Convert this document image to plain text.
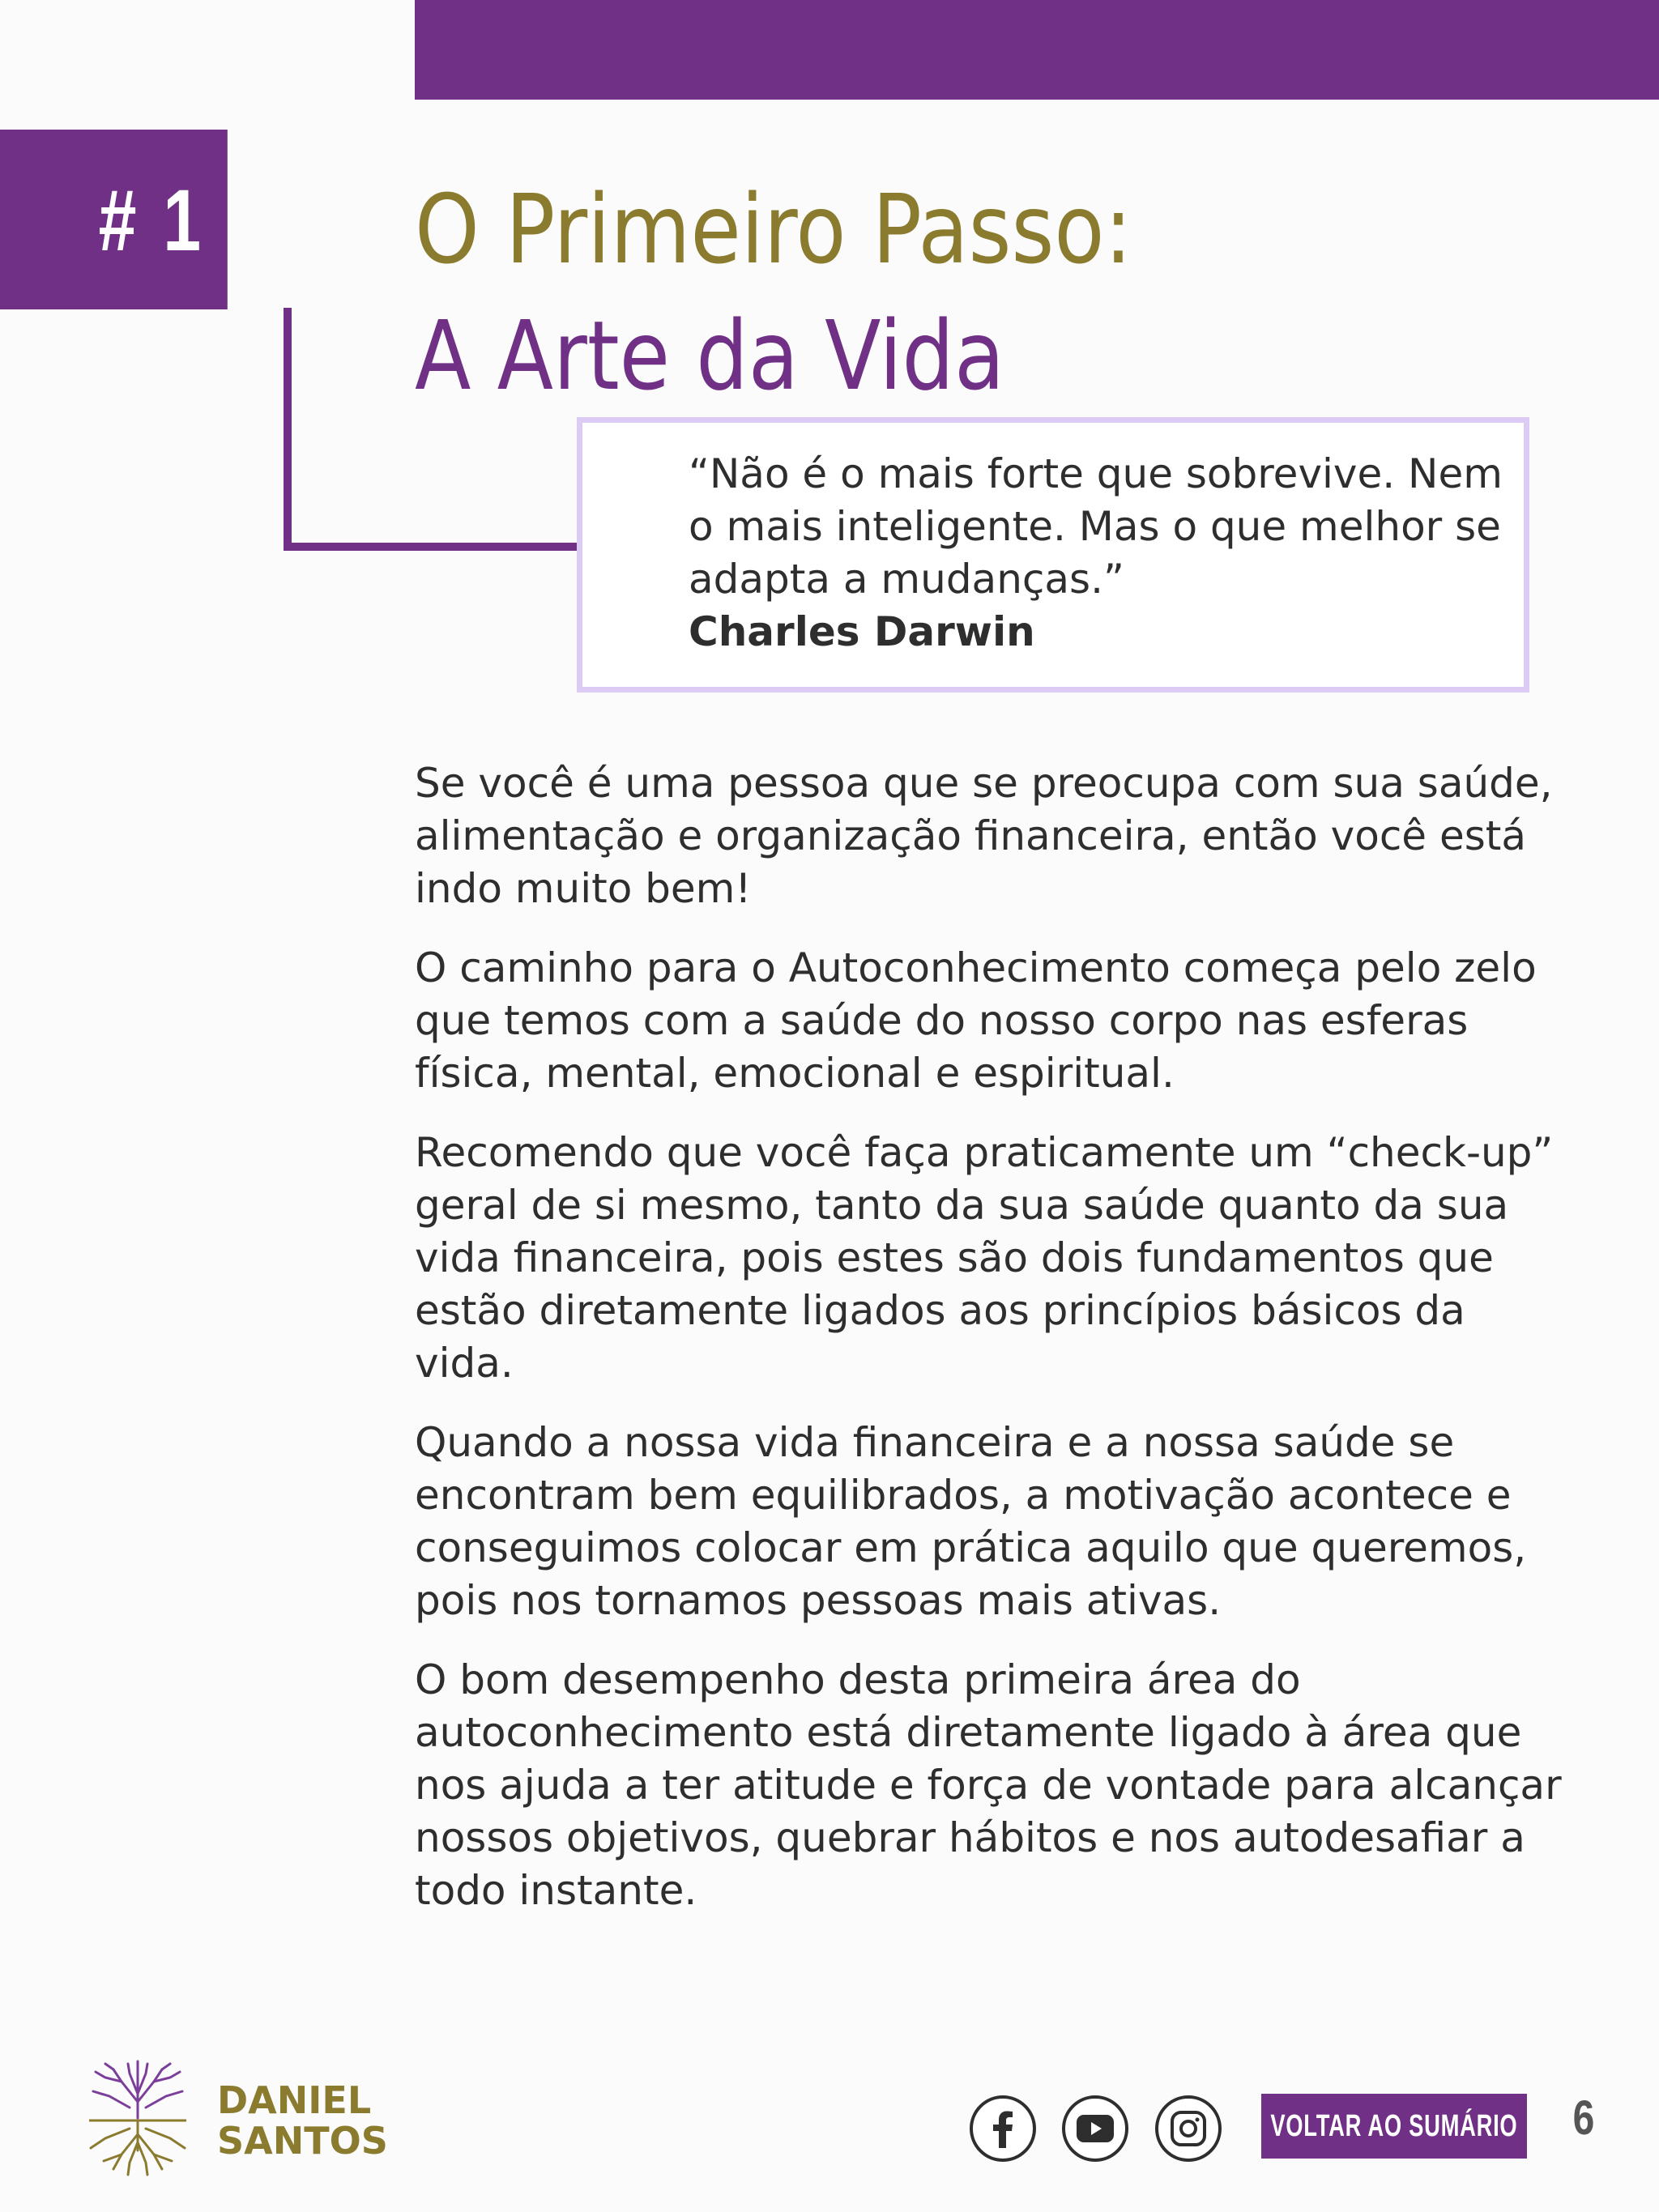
# 1 O Primeiro Passo:
A Arte da Vida
“Não é o mais forte que sobrevive. Nem o mais inteligente. Mas o que melhor se adapta a mudanças.”
Charles Darwin

Se você é uma pessoa que se preocupa com sua saúde, alimentação e organização financeira, então você está indo muito bem!

O caminho para o Autoconhecimento começa pelo zelo que temos com a saúde do nosso corpo nas esferas física, mental, emocional e espiritual.

Recomendo que você faça praticamente um “check-up” geral de si mesmo, tanto da sua saúde quanto da sua vida financeira, pois estes são dois fundamentos que estão diretamente ligados aos princípios básicos da vida.

Quando a nossa vida financeira e a nossa saúde se encontram bem equilibrados, a motivação acontece e conseguimos colocar em prática aquilo que queremos, pois nos tornamos pessoas mais ativas.

O bom desempenho desta primeira área do autoconhecimento está diretamente ligado à área que nos ajuda a ter atitude e força de vontade para alcançar nossos objetivos, quebrar hábitos e nos autodesafiar a todo instante.

DANIEL
SANTOS	VOLTAR AO SUMÁRIO 6
